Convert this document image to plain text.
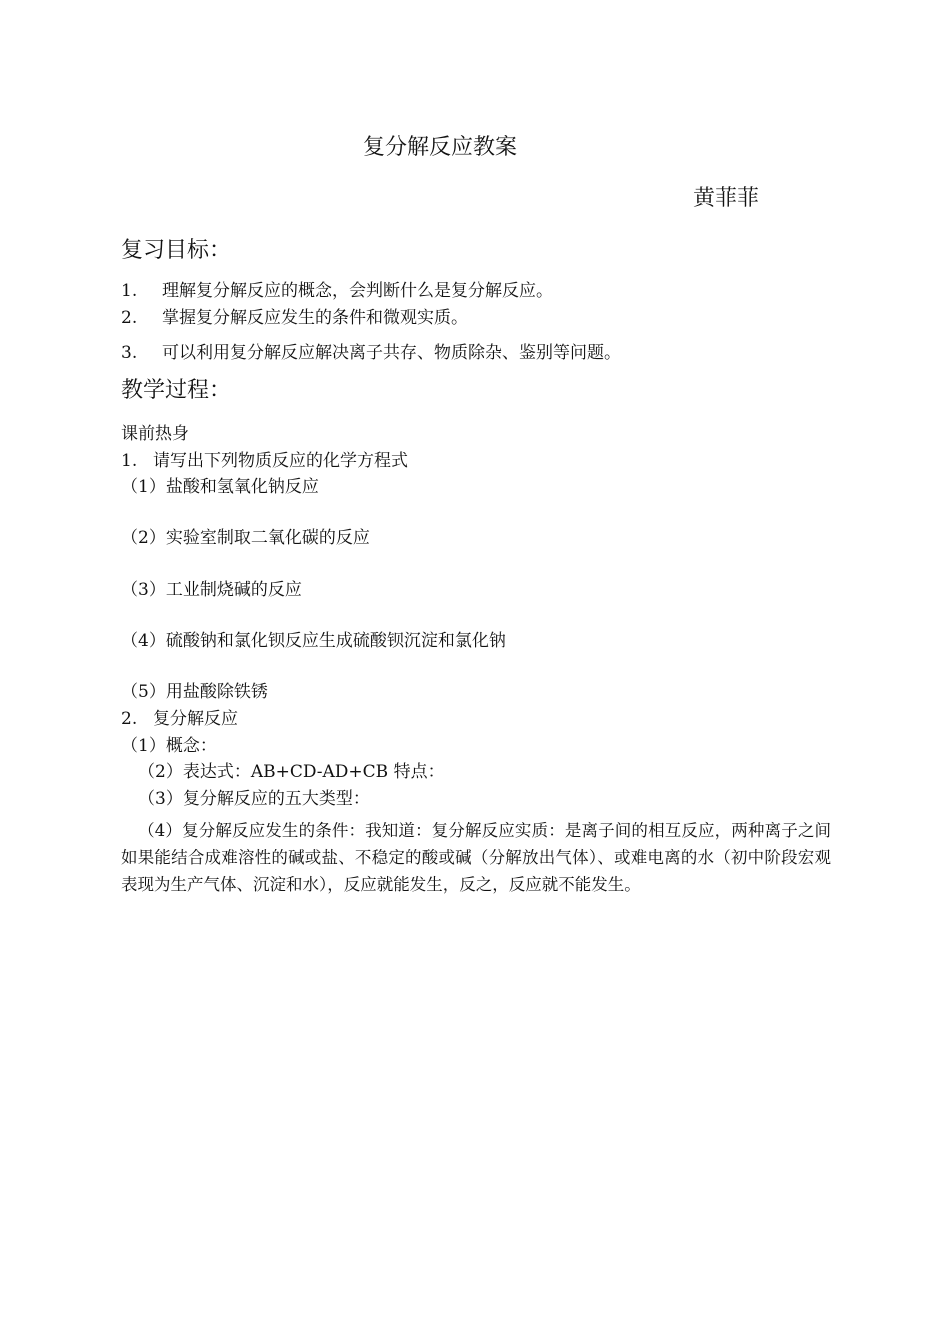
复分解反应教案
黄菲菲
复习目标：
1. 理解复分解反应的概念，会判断什么是复分解反应。
2. 掌握复分解反应发生的条件和微观实质。
3. 可以利用复分解反应解决离子共存、物质除杂、鉴别等问题。
教学过程：
课前热身
1. 请写出下列物质反应的化学方程式
（1）盐酸和氢氧化钠反应
（2）实验室制取二氧化碳的反应
（3）工业制烧碱的反应
（4）硫酸钠和氯化钡反应生成硫酸钡沉淀和氯化钠
（5）用盐酸除铁锈
2. 复分解反应
（1）概念：
（2）表达式：AB+CD-AD+CB 特点：
（3）复分解反应的五大类型：
（4）复分解反应发生的条件：我知道：复分解反应实质：是离子间的相互反应，两种离子之间如果能结合成难溶性的碱或盐、不稳定的酸或碱（分解放出气体）、或难电离的水（初中阶段宏观表现为生产气体、沉淀和水），反应就能发生，反之，反应就不能发生。
